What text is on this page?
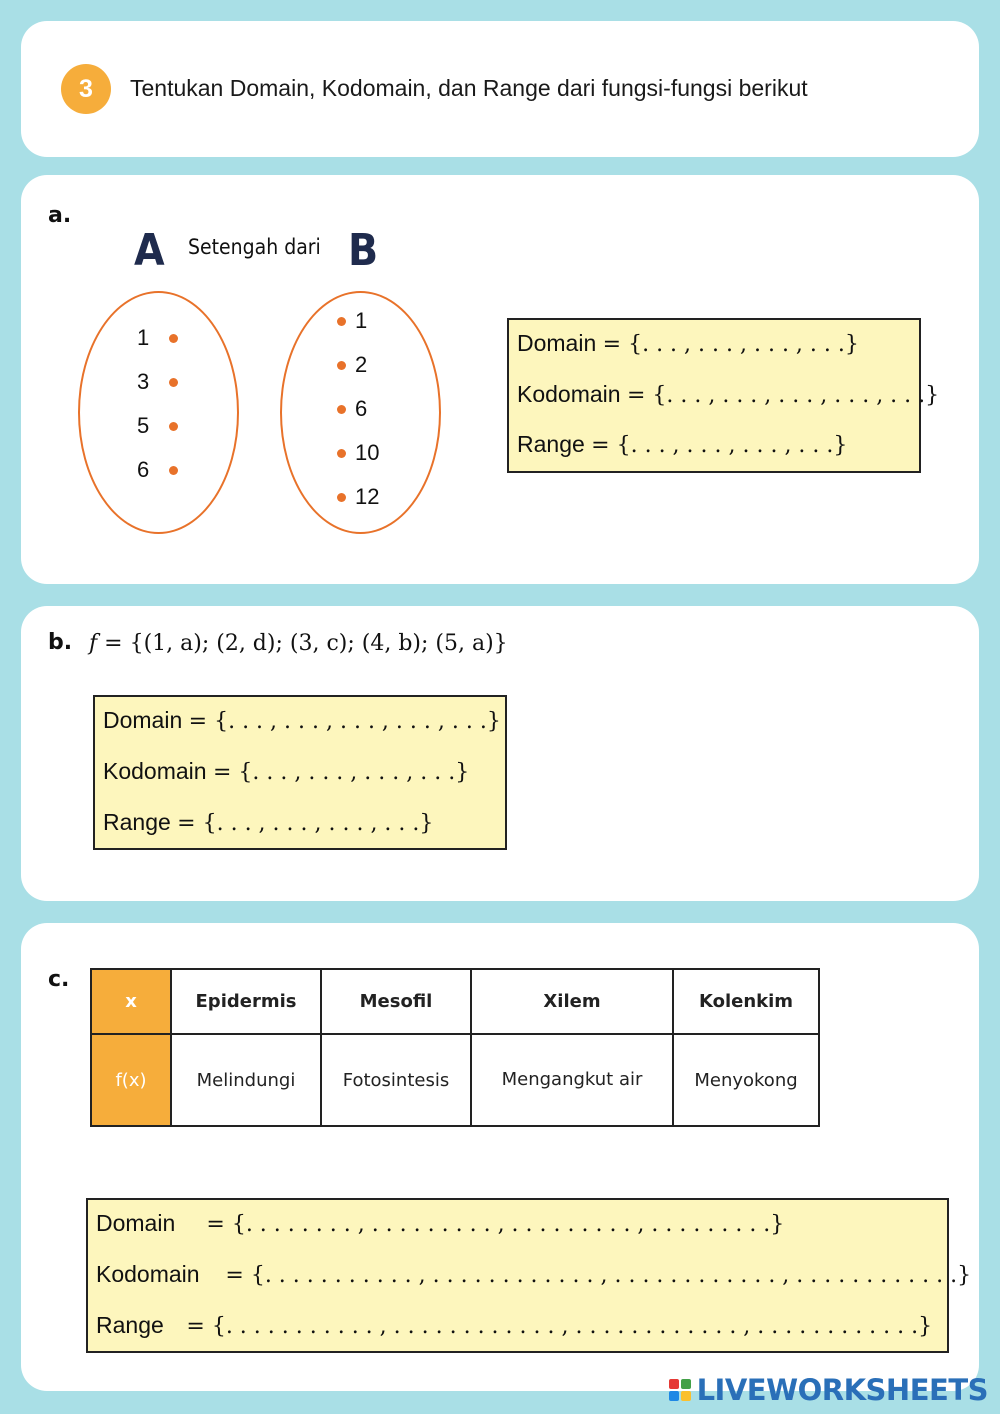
3	Tentukan Domain, Kodomain, dan Range dari fungsi-fungsi berikut
a.
A Setengah dari B
1
3
5
6
1
2
6
10
12
Domain = {. . . , . . . , . . . , . . .}
Kodomain = {. . . , . . . , . . . , . . . , . . .}
Range = {. . . , . . . , . . . , . . .}
b. f = {(1, a); (2, d); (3, c); (4, b); (5, a)}
Domain = {. . . , . . . , . . . , . . . , . . .}
Kodomain = {. . . , . . . , . . . , . . .}
Range = {. . . , . . . , . . . , . . .}
c.
x	Epidermis	Mesofil	Xilem	Kolenkim
f(x)	Melindungi	Fotosintesis	Mengangkut air	Menyokong
Domain = {. . . . . . . . , . . . . . . . . . , . . . . . . . . . , . . . . . . . . .}
Kodomain = {. . . . . . . . . . . , . . . . . . . . . . . . , . . . . . . . . . . . . , . . . . . . . . . . . .}
Range = {. . . . . . . . . . . , . . . . . . . . . . . . , . . . . . . . . . . . . , . . . . . . . . . . . .}
LIVEWORKSHEETS
